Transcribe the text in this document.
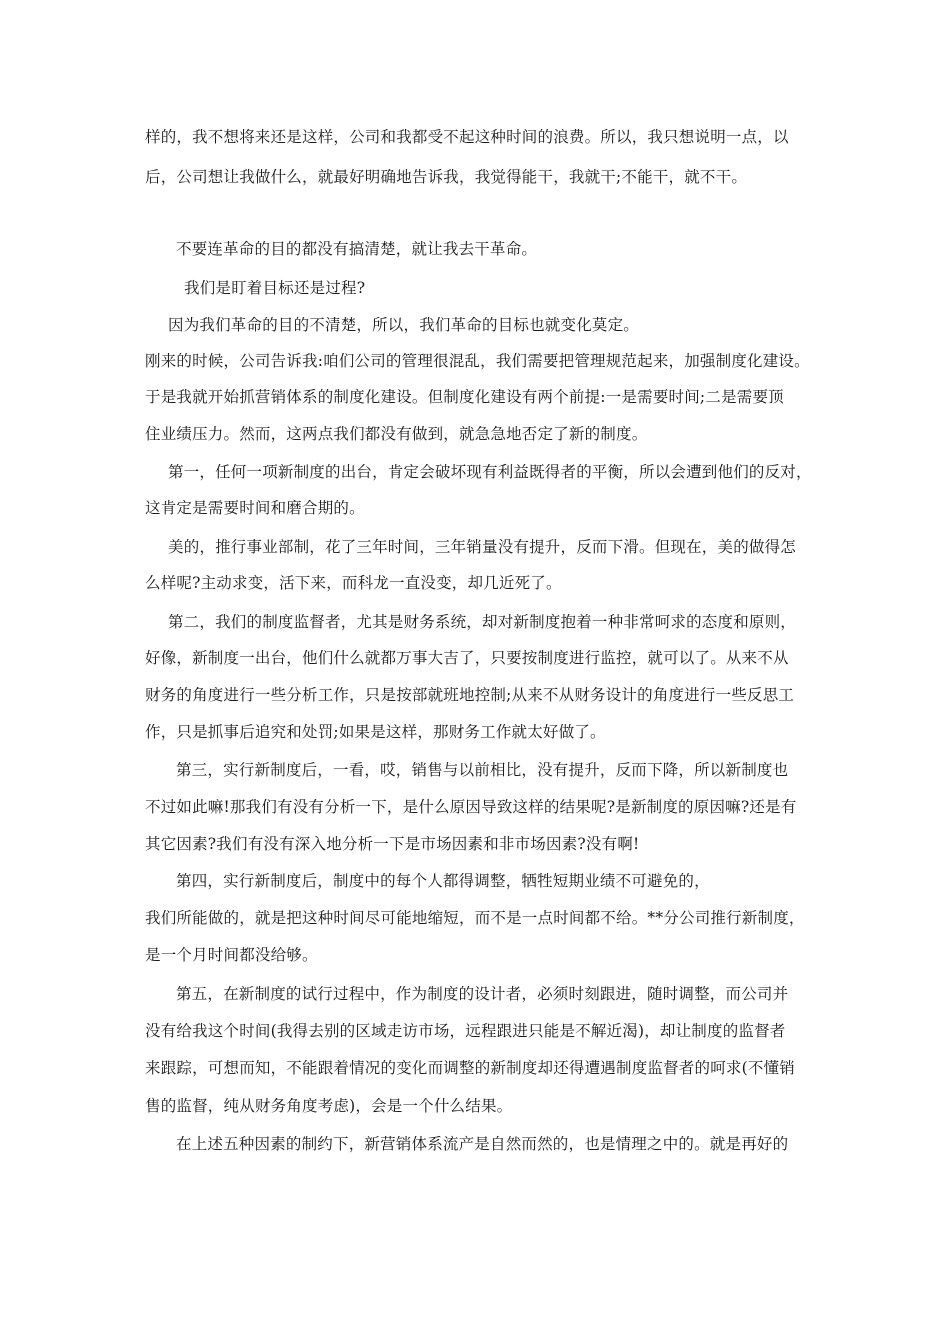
样的，我不想将来还是这样，公司和我都受不起这种时间的浪费。所以，我只想说明一点，以
后，公司想让我做什么，就最好明确地告诉我，我觉得能干，我就干;不能干，就不干。
不要连革命的目的都没有搞清楚，就让我去干革命。
我们是盯着目标还是过程?
因为我们革命的目的不清楚，所以，我们革命的目标也就变化莫定。
刚来的时候，公司告诉我:咱们公司的管理很混乱，我们需要把管理规范起来，加强制度化建设。
于是我就开始抓营销体系的制度化建设。但制度化建设有两个前提:一是需要时间;二是需要顶
住业绩压力。然而，这两点我们都没有做到，就急急地否定了新的制度。
第一，任何一项新制度的出台，肯定会破坏现有利益既得者的平衡，所以会遭到他们的反对，
这肯定是需要时间和磨合期的。
美的，推行事业部制，花了三年时间，三年销量没有提升，反而下滑。但现在，美的做得怎
么样呢?主动求变，活下来，而科龙一直没变，却几近死了。
第二，我们的制度监督者，尤其是财务系统，却对新制度抱着一种非常呵求的态度和原则，
好像，新制度一出台，他们什么就都万事大吉了，只要按制度进行监控，就可以了。从来不从
财务的角度进行一些分析工作，只是按部就班地控制;从来不从财务设计的角度进行一些反思工
作，只是抓事后追究和处罚;如果是这样，那财务工作就太好做了。
第三，实行新制度后，一看，哎，销售与以前相比，没有提升，反而下降，所以新制度也
不过如此嘛!那我们有没有分析一下，是什么原因导致这样的结果呢?是新制度的原因嘛?还是有
其它因素?我们有没有深入地分析一下是市场因素和非市场因素?没有啊!
第四，实行新制度后，制度中的每个人都得调整，牺牲短期业绩不可避免的，
我们所能做的，就是把这种时间尽可能地缩短，而不是一点时间都不给。**分公司推行新制度，
是一个月时间都没给够。
第五，在新制度的试行过程中，作为制度的设计者，必须时刻跟进，随时调整，而公司并
没有给我这个时间(我得去别的区域走访市场，远程跟进只能是不解近渴)，却让制度的监督者
来跟踪，可想而知，不能跟着情况的变化而调整的新制度却还得遭遇制度监督者的呵求(不懂销
售的监督，纯从财务角度考虑)，会是一个什么结果。
在上述五种因素的制约下，新营销体系流产是自然而然的，也是情理之中的。就是再好的
